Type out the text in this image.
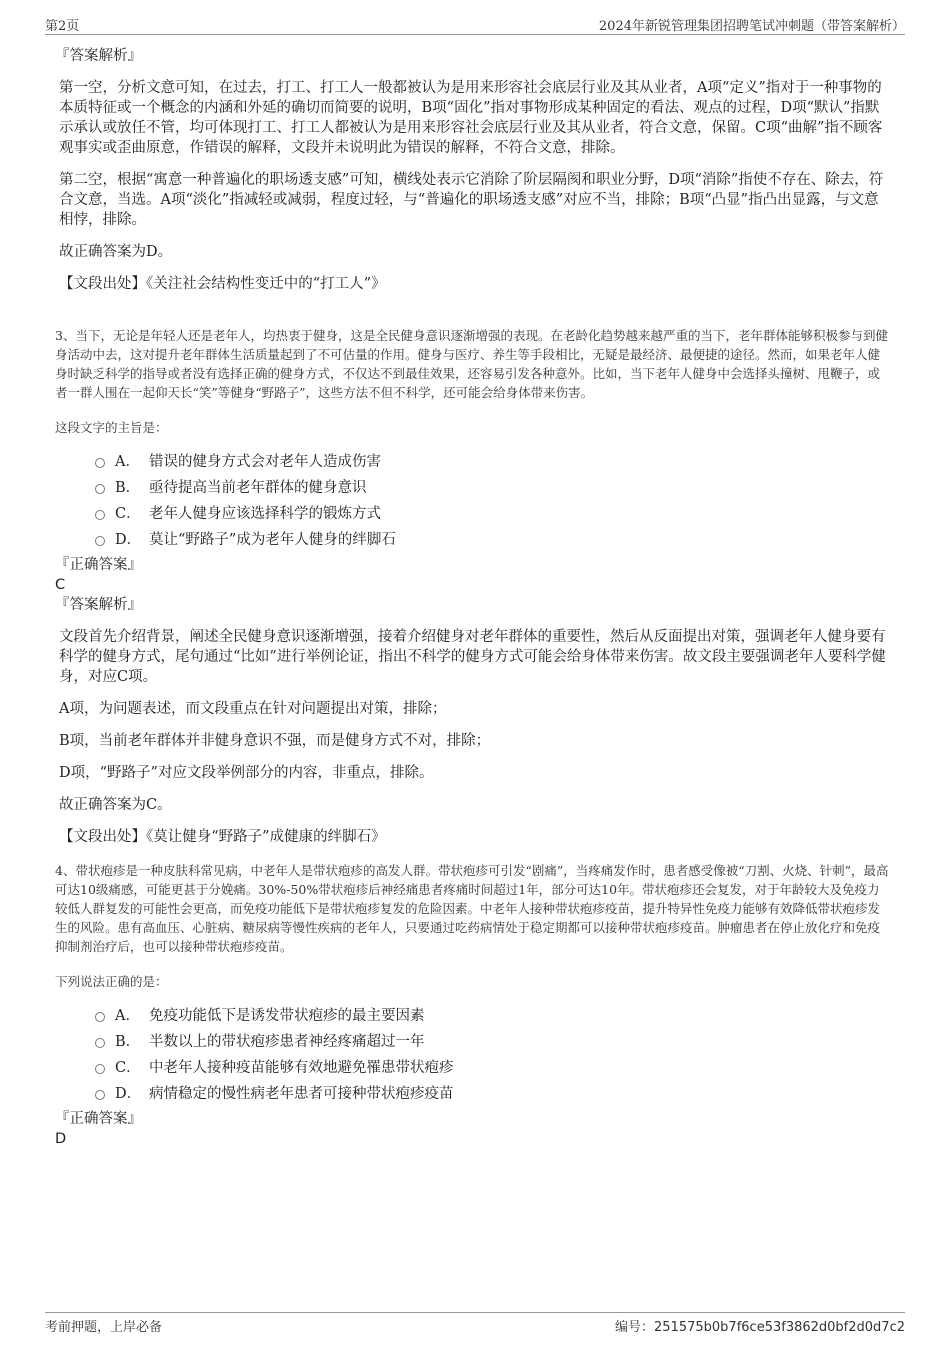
第2页	2024年新锐管理集团招聘笔试冲刺题（带答案解析）

『答案解析』

第一空，分析文意可知，在过去，打工、打工人一般都被认为是用来形容社会底层行业及其从业者，A项“定义”指对于一种事物的本质特征或一个概念的内涵和外延的确切而简要的说明，B项“固化”指对事物形成某种固定的看法、观点的过程，D项“默认”指默示承认或放任不管，均可体现打工、打工人都被认为是用来形容社会底层行业及其从业者，符合文意，保留。C项“曲解”指不顾客观事实或歪曲原意，作错误的解释，文段并未说明此为错误的解释，不符合文意，排除。

第二空，根据“寓意一种普遍化的职场透支感”可知，横线处表示它消除了阶层隔阂和职业分野，D项“消除”指使不存在、除去，符合文意，当选。A项“淡化”指减轻或减弱，程度过轻，与“普遍化的职场透支感”对应不当，排除；B项“凸显”指凸出显露，与文意相悖，排除。

故正确答案为D。

【文段出处】《关注社会结构性变迁中的“打工人”》

3、当下，无论是年轻人还是老年人，均热衷于健身，这是全民健身意识逐渐增强的表现。在老龄化趋势越来越严重的当下，老年群体能够积极参与到健身活动中去，这对提升老年群体生活质量起到了不可估量的作用。健身与医疗、养生等手段相比，无疑是最经济、最便捷的途径。然而，如果老年人健身时缺乏科学的指导或者没有选择正确的健身方式，不仅达不到最佳效果，还容易引发各种意外。比如，当下老年人健身中会选择头撞树、甩鞭子，或者一群人围在一起仰天长“笑”等健身“野路子”，这些方法不但不科学，还可能会给身体带来伤害。

这段文字的主旨是：

A． 错误的健身方式会对老年人造成伤害
B． 亟待提高当前老年群体的健身意识
C． 老年人健身应该选择科学的锻炼方式
D． 莫让“野路子”成为老年人健身的绊脚石

『正确答案』

C

『答案解析』

文段首先介绍背景，阐述全民健身意识逐渐增强，接着介绍健身对老年群体的重要性，然后从反面提出对策，强调老年人健身要有科学的健身方式，尾句通过“比如”进行举例论证，指出不科学的健身方式可能会给身体带来伤害。故文段主要强调老年人要科学健身，对应C项。

A项，为问题表述，而文段重点在针对问题提出对策，排除；

B项，当前老年群体并非健身意识不强，而是健身方式不对，排除；

D项，“野路子”对应文段举例部分的内容，非重点，排除。

故正确答案为C。

【文段出处】《莫让健身“野路子”成健康的绊脚石》

4、带状疱疹是一种皮肤科常见病，中老年人是带状疱疹的高发人群。带状疱疹可引发“剧痛”，当疼痛发作时，患者感受像被“刀割、火烧、针刺”，最高可达10级痛感，可能更甚于分娩痛。30%-50%带状疱疹后神经痛患者疼痛时间超过1年，部分可达10年。带状疱疹还会复发，对于年龄较大及免疫力较低人群复发的可能性会更高，而免疫功能低下是带状疱疹复发的危险因素。中老年人接种带状疱疹疫苗，提升特异性免疫力能够有效降低带状疱疹发生的风险。患有高血压、心脏病、糖尿病等慢性疾病的老年人，只要通过吃药病情处于稳定期都可以接种带状疱疹疫苗。肿瘤患者在停止放化疗和免疫抑制剂治疗后，也可以接种带状疱疹疫苗。

下列说法正确的是：

A． 免疫功能低下是诱发带状疱疹的最主要因素
B． 半数以上的带状疱疹患者神经疼痛超过一年
C． 中老年人接种疫苗能够有效地避免罹患带状疱疹
D． 病情稳定的慢性病老年患者可接种带状疱疹疫苗

『正确答案』

D

考前押题，上岸必备	编号：251575b0b7f6ce53f3862d0bf2d0d7c2
